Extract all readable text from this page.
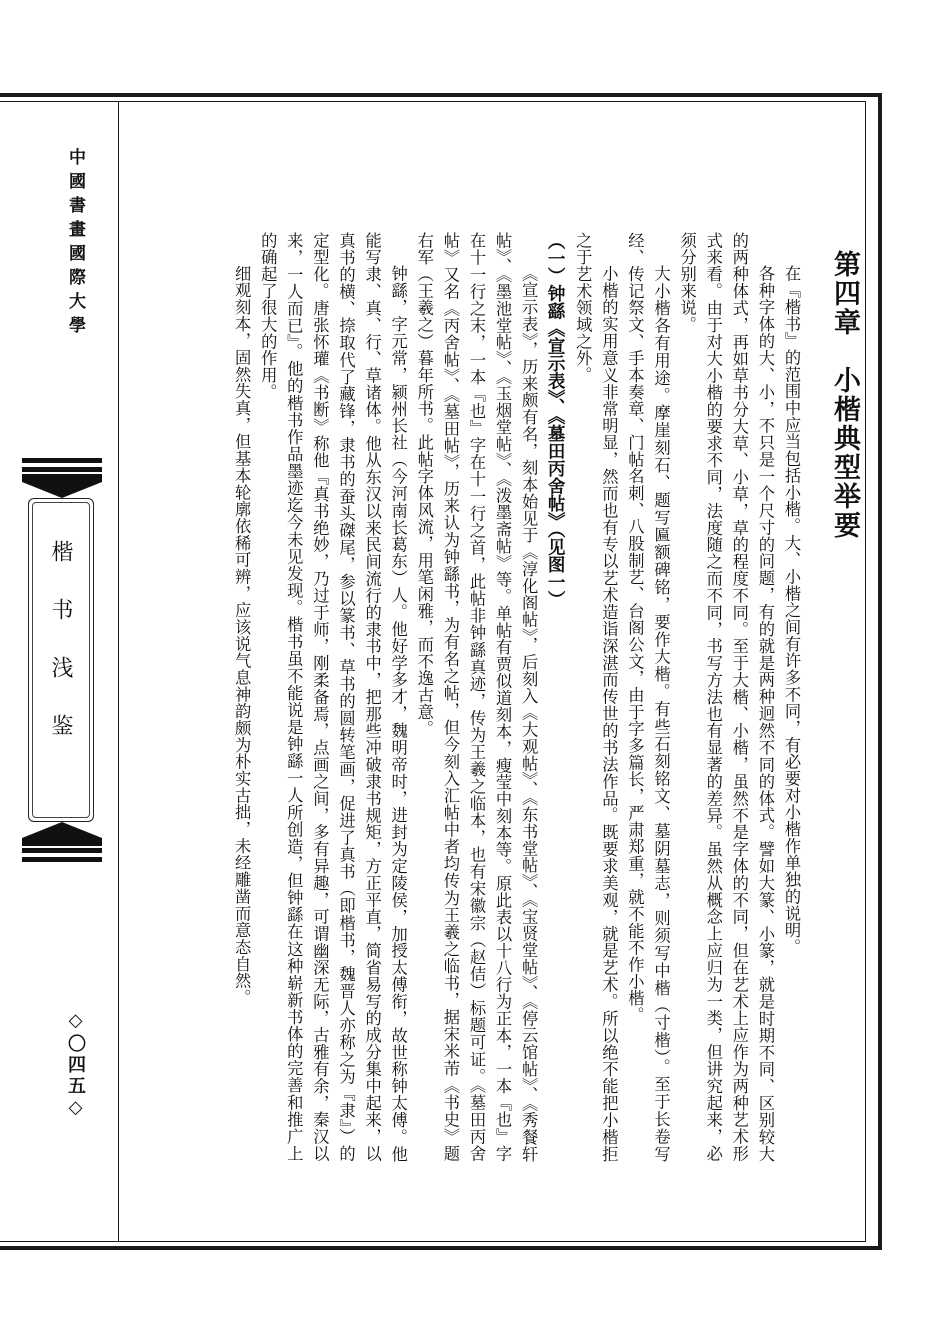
中國書畫國際大學
楷书浅鉴
◇〇四五◇
第四章　小楷典型举要

在『楷书』的范围中应当包括小楷。大、小楷之间有许多不同，有必要对小楷作单独的说明。

各种字体的大、小，不只是一个尺寸的问题，有的就是两种迥然不同的体式。譬如大篆、小篆，就是时期不同、区别较大的两种体式，再如草书分大草、小草，草的程度不同。至于大楷、小楷，虽然不是字体的不同，但在艺术上应作为两种艺术形式来看。由于对大小楷的要求不同，法度随之而不同，书写方法也有显著的差异。虽然从概念上应归为一类，但讲究起来，必须分别来说。

大小楷各有用途。摩崖刻石、题写匾额碑铭，要作大楷。有些石刻铭文、墓阴墓志，则须写中楷（寸楷）。至于长卷写经、传记祭文、手本奏章、门帖名刺、八股制艺、台阁公文，由于字多篇长，严肃郑重，就不能不作小楷。

小楷的实用意义非常明显，然而也有专以艺术造诣深湛而传世的书法作品。既要求美观，就是艺术。所以绝不能把小楷拒之于艺术领域之外。

（一）钟繇《宣示表》、《墓田丙舍帖》（见图一）

《宣示表》，历来颇有名，刻本始见于《淳化阁帖》，后刻入《大观帖》、《东书堂帖》、《宝贤堂帖》、《停云馆帖》、《秀餐轩帖》、《墨池堂帖》、《玉烟堂帖》、《泼墨斋帖》等。单帖有贾似道刻本，瘦莹中刻本等。原此表以十八行为正本，一本『也』字在十一行之末，一本『也』字在十一行之首，此帖非钟繇真迹，传为王羲之临本，也有宋徽宗（赵佶）标题可证。《墓田丙舍帖》又名《丙舍帖》、《墓田帖》，历来认为钟繇书，为有名之帖，但今刻入汇帖中者均传为王羲之临书，据宋米芾《书史》题右军（王羲之）暮年所书。此帖字体风流，用笔闲雅，而不逸古意。

钟繇，字元常，颍州长社（今河南长葛东）人。他好学多才，魏明帝时，进封为定陵侯，加授太傅衔，故世称钟太傅。他能写隶、真、行、草诸体。他从东汉以来民间流行的隶书中，把那些冲破隶书规矩，方正平直，简省易写的成分集中起来，以真书的横、捺取代了藏锋，隶书的蚕头磔尾，参以篆书、草书的圆转笔画，促进了真书（即楷书，魏晋人亦称之为『隶』）的定型化。唐张怀瓘《书断》称他『真书绝妙，乃过于师，刚柔备焉，点画之间，多有异趣，可谓幽深无际，古雅有余，秦汉以来，一人而已』。他的楷书作品墨迹迄今未见发现。楷书虽不能说是钟繇一人所创造，但钟繇在这种崭新书体的完善和推广上的确起了很大的作用。

细观刻本，固然失真，但基本轮廓依稀可辨，应该说气息神韵颇为朴实古拙，未经雕凿而意态自然。
